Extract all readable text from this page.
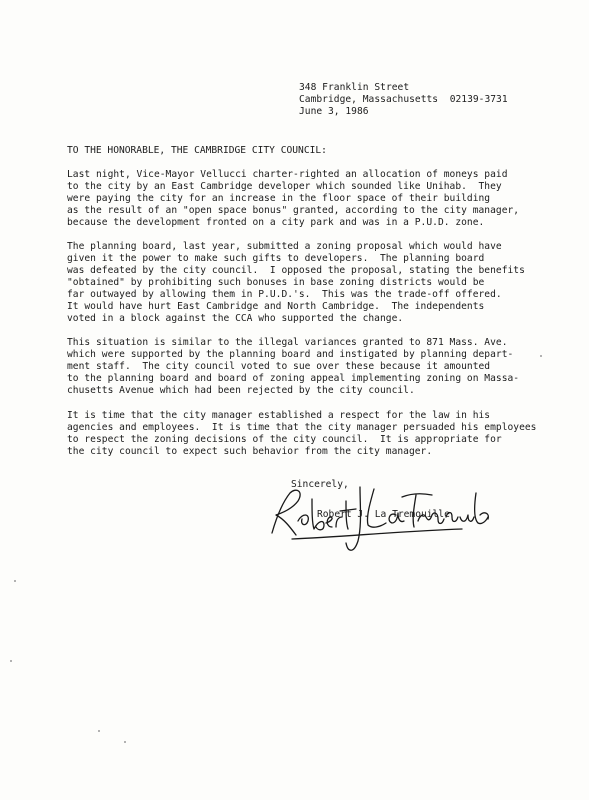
348 Franklin Street
Cambridge, Massachusetts  02139-3731
June 3, 1986
TO THE HONORABLE, THE CAMBRIDGE CITY COUNCIL:
Last night, Vice-Mayor Vellucci charter-righted an allocation of moneys paid
to the city by an East Cambridge developer which sounded like Unihab.  They
were paying the city for an increase in the floor space of their building
as the result of an "open space bonus" granted, according to the city manager,
because the development fronted on a city park and was in a P.U.D. zone.
The planning board, last year, submitted a zoning proposal which would have
given it the power to make such gifts to developers.  The planning board
was defeated by the city council.  I opposed the proposal, stating the benefits
"obtained" by prohibiting such bonuses in base zoning districts would be
far outwayed by allowing them in P.U.D.'s.  This was the trade-off offered.
It would have hurt East Cambridge and North Cambridge.  The independents
voted in a block against the CCA who supported the change.
This situation is similar to the illegal variances granted to 871 Mass. Ave.
which were supported by the planning board and instigated by planning depart-
ment staff.  The city council voted to sue over these because it amounted
to the planning board and board of zoning appeal implementing zoning on Massa-
chusetts Avenue which had been rejected by the city council.
It is time that the city manager established a respect for the law in his
agencies and employees.  It is time that the city manager persuaded his employees
to respect the zoning decisions of the city council.  It is appropriate for
the city council to expect such behavior from the city manager.
Sincerely,
Robert J. La Tremouille
